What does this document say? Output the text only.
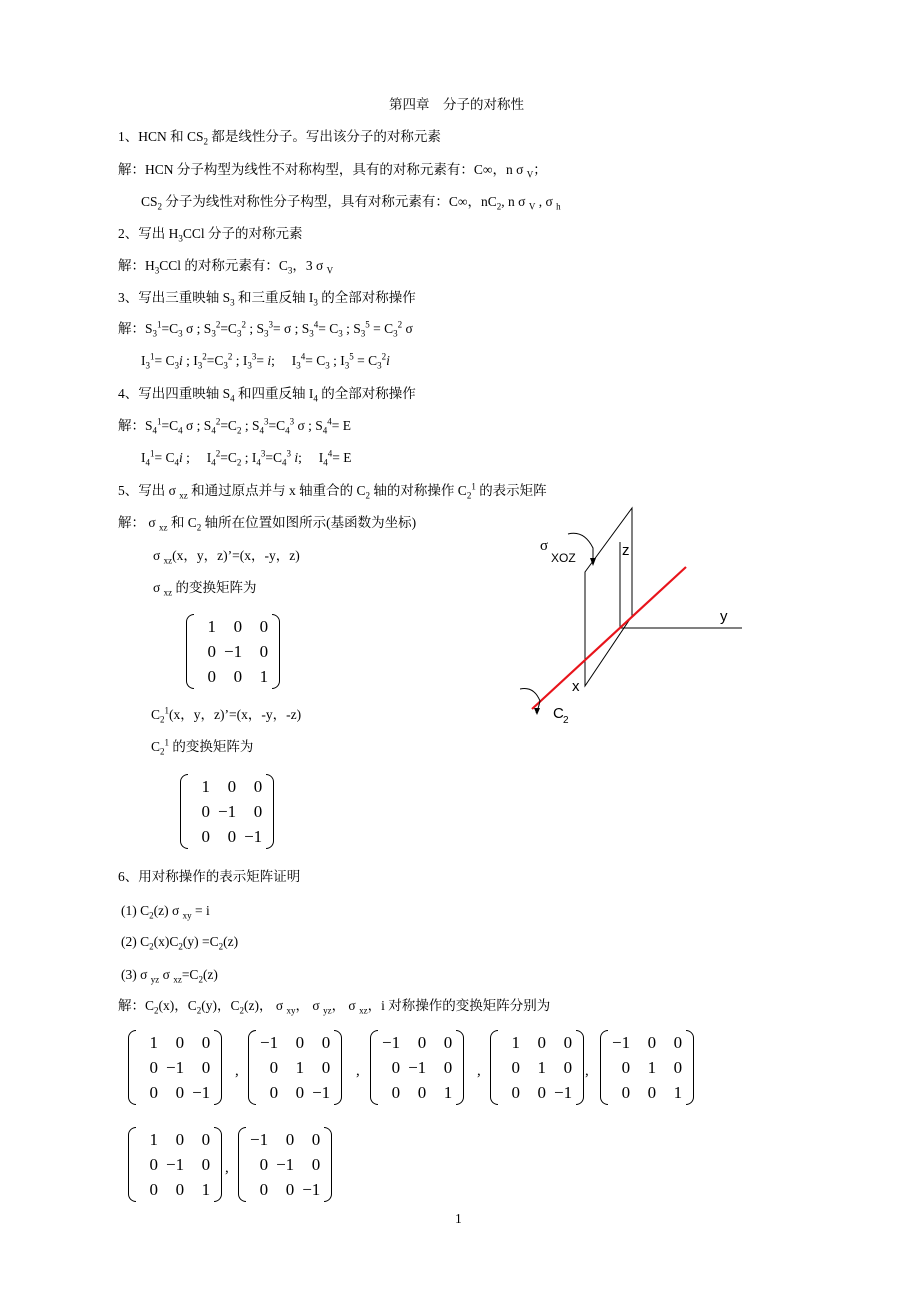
第四章　分子的对称性
1、HCN 和 $CS_2$ 都是线性分子。写出该分子的对称元素
解：HCN 分子构型为线性不对称构型，具有的对称元素有：C∞，n σ $_V$；
$CS_2$ 分子为线性对称性分子构型，具有对称元素有：C∞，$nC_2$, n σ $_V$ , σ $_h$
2、写出 $H_3CCl$ 分子的对称元素
解：$H_3CCl$ 的对称元素有：$C_3$，3 σ $_V$
3、写出三重映轴 $S_3$ 和三重反轴 $I_3$ 的全部对称操作
解：$S_3^1=C_3$ σ ; $S_3^2=C_3^2$ ; $S_3^3= \sigma$ ; $S_3^4= C_3$ ; $S_3^5 = C_3^2$ σ
$I_3^1= C_3i$ ; $I_3^2=C_3^2$ ; $I_3^3= i$;　 $I_3^4= C_3$ ; $I_3^5 = C_3^2i$
4、写出四重映轴 $S_4$ 和四重反轴 $I_4$ 的全部对称操作
解：$S_4^1=C_4$ σ ; $S_4^2=C_2$ ; $S_4^3=C_4^3$ σ ; $S_4^4= E$
$I_4^1= C_4i$ ;　 $I_4^2=C_2$ ; $I_4^3=C_4^3$ i;　 $I_4^4= E$
5、写出 σ $_{xz}$ 和通过原点并与 x 轴重合的 $C_2$ 轴的对称操作 $C_2^1$ 的表示矩阵
解： σ $_{xz}$ 和 $C_2$ 轴所在位置如图所示(基函数为坐标)
σ $_{xz}$(x，y，z)’=(x，-y，z)
σ $_{xz}$ 的变换矩阵为
1	0	0
0	−1	0
0	0	1
$C_2^1(x$，y，z)’=(x，-y，-z)
$C_2^1$ 的变换矩阵为
1	0	0
0	−1	0
0	0	−1
σ
XOZ	z
y
x
C 2
6、用对称操作的表示矩阵证明
(1) $C_2(z)$ σ $_{xy}$ = i
(2) $C_2(x)C_2(y) =C_2(z)$
(3) σ $_{yz}$ σ $_{xz}=C_2(z)$
解：$C_2(x)$，$C_2(y)$，$C_2(z)$， σ $_{xy}$， σ $_{yz}$， σ $_{xz}$，i 对称操作的变换矩阵分别为
1	0	0
0	−1	0
0	0	−1
,
−1	0	0
0	1	0
0	0	−1
,
−1	0	0
0	−1	0
0	0	1
,
1	0	0
0	1	0
0	0	−1
,
−1	0	0
0	1	0
0	0	1
1	0	0
0	−1	0
0	0	1
,
−1	0	0
0	−1	0
0	0	−1
1
